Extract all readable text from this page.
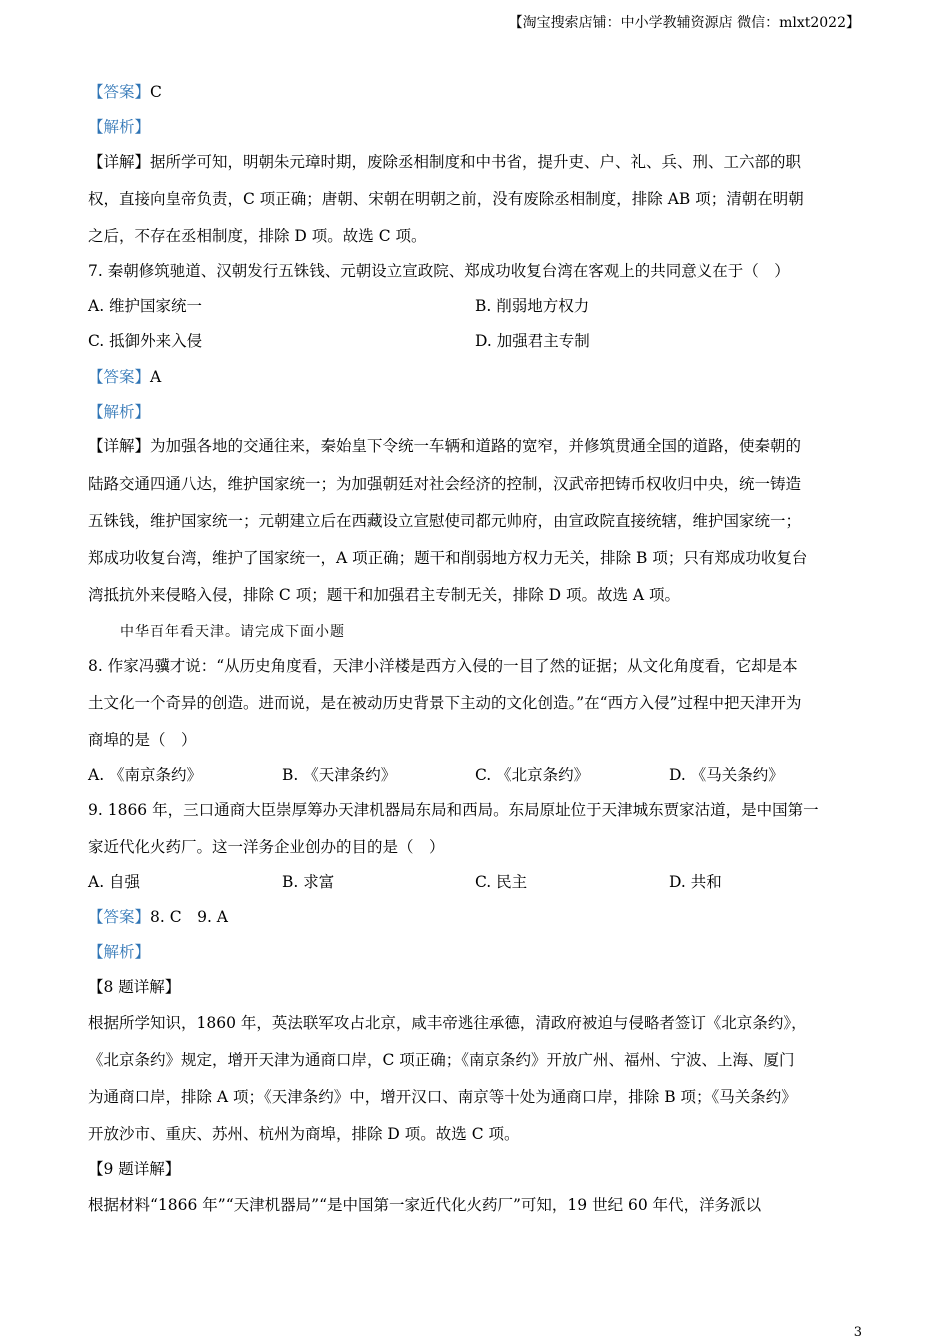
【淘宝搜索店铺：中小学教辅资源店 微信：mlxt2022】
【答案】C
【解析】
【详解】据所学可知，明朝朱元璋时期，废除丞相制度和中书省，提升吏、户、礼、兵、刑、工六部的职
权，直接向皇帝负责，C 项正确；唐朝、宋朝在明朝之前，没有废除丞相制度，排除 AB 项；清朝在明朝
之后，不存在丞相制度，排除 D 项。故选 C 项。
7. 秦朝修筑驰道、汉朝发行五铢钱、元朝设立宣政院、郑成功收复台湾在客观上的共同意义在于（　）
A. 维护国家统一	B. 削弱地方权力
C. 抵御外来入侵	D. 加强君主专制
【答案】A
【解析】
【详解】为加强各地的交通往来，秦始皇下令统一车辆和道路的宽窄，并修筑贯通全国的道路，使秦朝的
陆路交通四通八达，维护国家统一；为加强朝廷对社会经济的控制，汉武帝把铸币权收归中央，统一铸造
五铢钱，维护国家统一；元朝建立后在西藏设立宣慰使司都元帅府，由宣政院直接统辖，维护国家统一；
郑成功收复台湾，维护了国家统一，A 项正确；题干和削弱地方权力无关，排除 B 项；只有郑成功收复台
湾抵抗外来侵略入侵，排除 C 项；题干和加强君主专制无关，排除 D 项。故选 A 项。
中华百年看天津。请完成下面小题
8. 作家冯骥才说：“从历史角度看，天津小洋楼是西方入侵的一目了然的证据；从文化角度看，它却是本
土文化一个奇异的创造。进而说，是在被动历史背景下主动的文化创造。”在“西方入侵”过程中把天津开为
商埠的是（　）
A. 《南京条约》	B. 《天津条约》	C. 《北京条约》	D. 《马关条约》
9. 1866 年，三口通商大臣崇厚筹办天津机器局东局和西局。东局原址位于天津城东贾家沽道，是中国第一
家近代化火药厂。这一洋务企业创办的目的是（　）
A. 自强	B. 求富	C. 民主	D. 共和
【答案】8. C　9. A
【解析】
【8 题详解】
根据所学知识，1860 年，英法联军攻占北京，咸丰帝逃往承德，清政府被迫与侵略者签订《北京条约》，
《北京条约》规定，增开天津为通商口岸，C 项正确；《南京条约》开放广州、福州、宁波、上海、厦门
为通商口岸，排除 A 项；《天津条约》中，增开汉口、南京等十处为通商口岸，排除 B 项；《马关条约》
开放沙市、重庆、苏州、杭州为商埠，排除 D 项。故选 C 项。
【9 题详解】
根据材料“1866 年”“天津机器局”“是中国第一家近代化火药厂”可知，19 世纪 60 年代，洋务派以
3
